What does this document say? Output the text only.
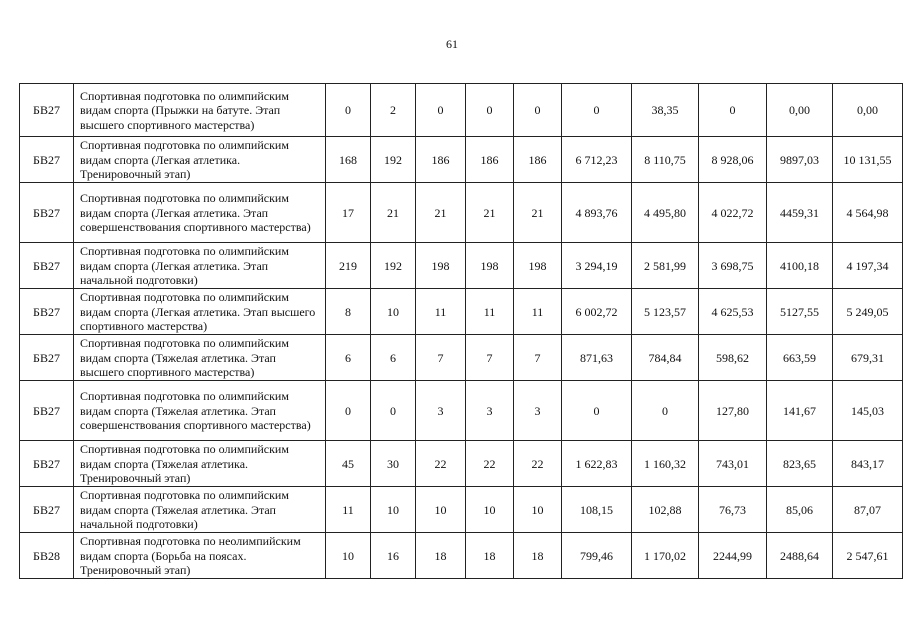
61
БВ27	Спортивная подготовка по олимпийским видам спорта (Прыжки на батуте. Этап высшего спортивного мастерства)	0	2	0	0	0	0	38,35	0	0,00	0,00
БВ27	Спортивная подготовка по олимпийским видам спорта (Легкая атлетика. Тренировочный этап)	168	192	186	186	186	6 712,23	8 110,75	8 928,06	9897,03	10 131,55
БВ27	Спортивная подготовка по олимпийским видам спорта (Легкая атлетика. Этап совершенствования спортивного мастерства)	17	21	21	21	21	4 893,76	4 495,80	4 022,72	4459,31	4 564,98
БВ27	Спортивная подготовка по олимпийским видам спорта (Легкая атлетика. Этап начальной подготовки)	219	192	198	198	198	3 294,19	2 581,99	3 698,75	4100,18	4 197,34
БВ27	Спортивная подготовка по олимпийским видам спорта (Легкая атлетика. Этап высшего спортивного мастерства)	8	10	11	11	11	6 002,72	5 123,57	4 625,53	5127,55	5 249,05
БВ27	Спортивная подготовка по олимпийским видам спорта (Тяжелая атлетика. Этап высшего спортивного мастерства)	6	6	7	7	7	871,63	784,84	598,62	663,59	679,31
БВ27	Спортивная подготовка по олимпийским видам спорта (Тяжелая атлетика. Этап совершенствования спортивного мастерства)	0	0	3	3	3	0	0	127,80	141,67	145,03
БВ27	Спортивная подготовка по олимпийским видам спорта (Тяжелая атлетика. Тренировочный этап)	45	30	22	22	22	1 622,83	1 160,32	743,01	823,65	843,17
БВ27	Спортивная подготовка по олимпийским видам спорта (Тяжелая атлетика. Этап начальной подготовки)	11	10	10	10	10	108,15	102,88	76,73	85,06	87,07
БВ28	Спортивная подготовка по неолимпийским видам спорта (Борьба на поясах. Тренировочный этап)	10	16	18	18	18	799,46	1 170,02	2244,99	2488,64	2 547,61
